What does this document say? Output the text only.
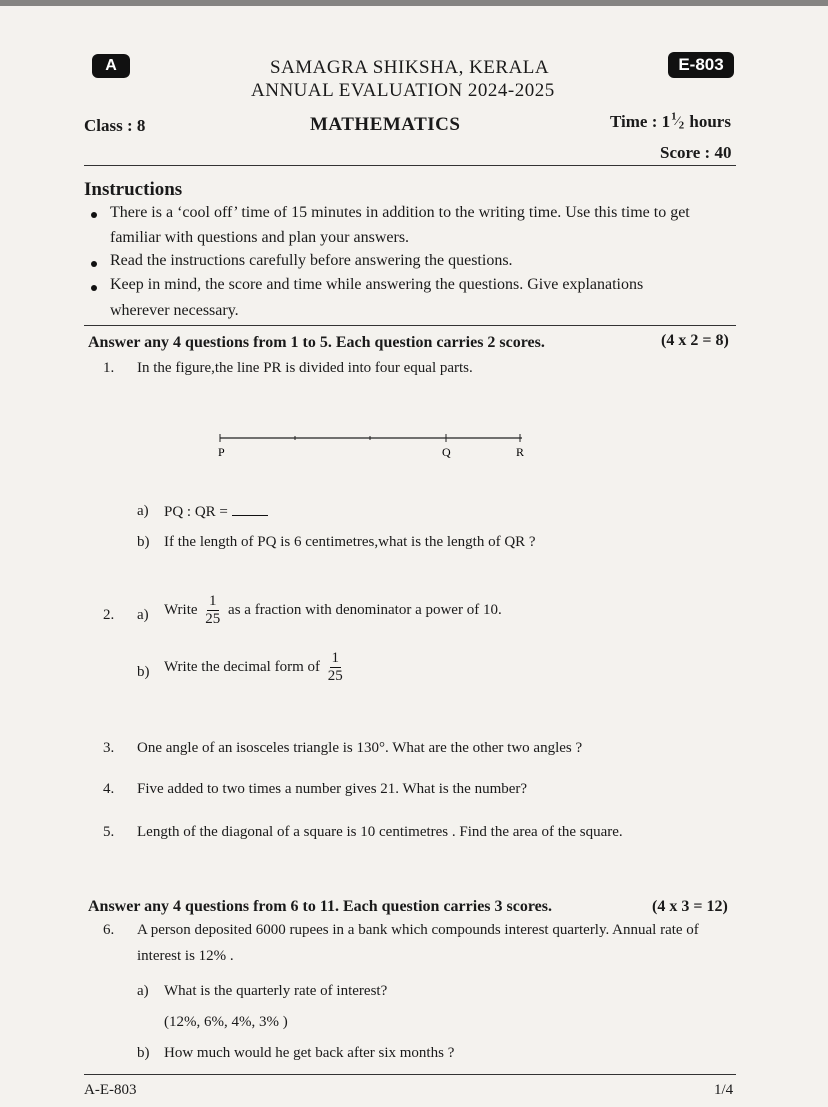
A	E-803
SAMAGRA SHIKSHA, KERALA
ANNUAL EVALUATION 2024-2025
Class : 8	MATHEMATICS	Time : $1^1⁄_2$ hours
Score : 40
Instructions
There is a ‘cool off’ time of 15 minutes in addition to the writing time. Use this time to get
familiar with questions and plan your answers.
Read the instructions carefully before answering the questions.
Keep in mind, the score and time while answering the questions. Give explanations
wherever necessary.
Answer any 4 questions from 1 to 5. Each question carries 2 scores.	(4 x 2 = 8)
1. In the figure,the line PR is divided into four equal parts.
P	Q	R
a) PQ : QR =
b) If the length of PQ is 6 centimetres,what is the length of QR ?
2. a) Write $\frac{1}{25}$ as a fraction with denominator a power of 10.
b) Write the decimal form of $\frac{1}{25}$
3. One angle of an isosceles triangle is 130°. What are the other two angles ?
4. Five added to two times a number gives 21. What is the number?
5. Length of the diagonal of a square is 10 centimetres . Find the area of the square.
Answer any 4 questions from 6 to 11. Each question carries 3 scores.	(4 x 3 = 12)
6. A person deposited 6000 rupees in a bank which compounds interest quarterly. Annual rate of
interest is 12% .
a) What is the quarterly rate of interest?
(12%, 6%, 4%, 3% )
b) How much would he get back after six months ?
A-E-803	1/4
